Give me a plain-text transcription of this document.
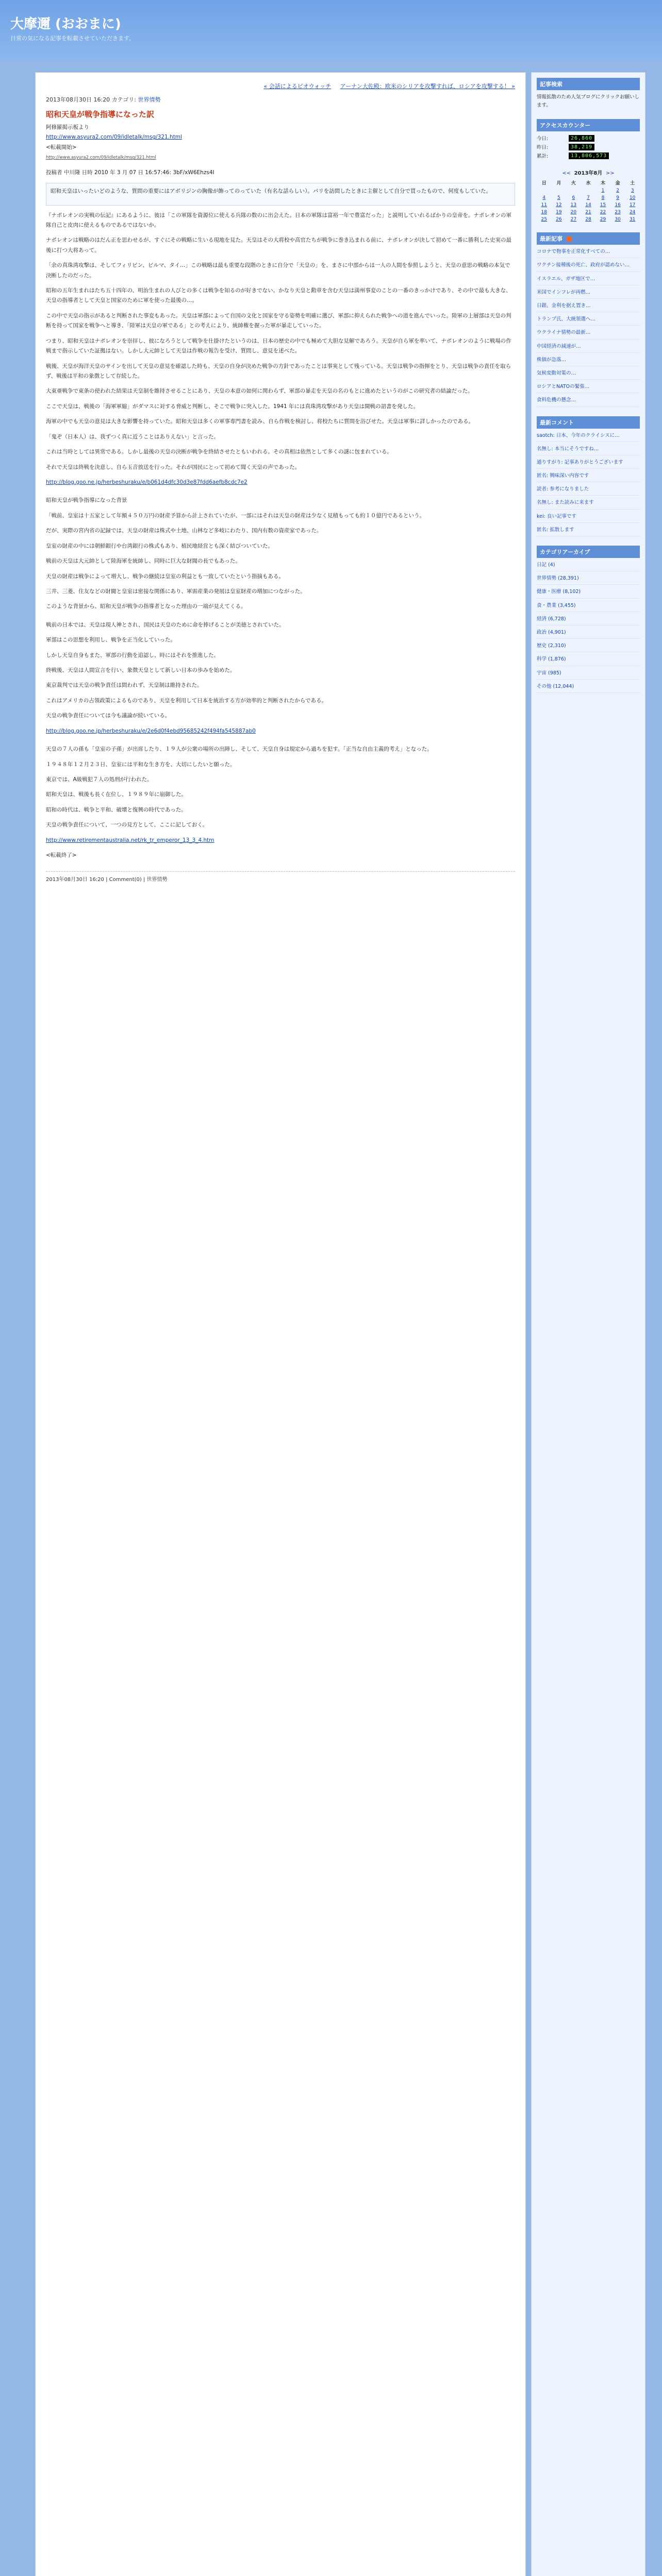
大摩邇 (おおまに)
日常の気になる記事を転載させていただきます。
« 会話によるビオウォッチ アーナン大佐殿：欧米のシリアを攻撃すれば、ロシアを攻撃する！ »
2013年08月30日 16:20 カテゴリ: 世界情勢
昭和天皇が戦争指導になった訳

阿修羅掲示板より
http://www.asyura2.com/09/idletalk/msg/321.html
<転載開始>
http://www.asyura2.com/09/idletalk/msg/321.html

投稿者 中川隆 日時 2010 年 3 月 07 日 16:57:46: 3bF/xW6Ehzs4I

昭和天皇はいったいどのような、質問の重要にはアボリジンの胸像が飾ってのっていた（有名な話らしい）。パリを訪問したときに主催として自分で買ったもので、何度もしていた。

『ナポレオンの実戦の伝記』にあるように、彼は「この軍隊を資源位に使える兵隊の数のに出会えた。日本の軍隊は富裕一年で豊富だった」と説明していれるばかりの皇帝を。ナポレオンの軍隊自己と皮肉に使えるものであるではないか。

ナポレオンは戦略のはだん正を思わせるが、すぐにその戦略に生いる現地を見た。天皇はその大将校や高官たちが戦争に巻き込まれる前に、ナポレオンが決して初めて一番に勝利した史実の最後に打つ大将あって。

「余の真珠湾攻撃は、そしてフィリピン、ビルマ、タイ…」この戦略は最も重要な段階のときに自分で「天皇の」を、まさに中部からは一人の人間を参照しようと、天皇の意思の戦略の本気で決断したのだった。

昭和の五年生まれはたち五十四年の、明治生まれの人びとの多くは戦争を知るのが好きでない。かなり天皇と勲章を含む天皇は満州事変のことの一番のきっかけであり、その中で最も大きな、天皇の指導者として天皇と国家のために軍を使った最後の…。

この中で天皇の指示があると判断された事変もあった。天皇は軍部によって自国の文化と国家を守る姿勢を明確に選び、軍部に抑えられた戦争への道を進んでいった。陸軍の上層部は天皇の判断を持って国家を戦争へと導き、「陸軍は天皇の軍である」との考えにより、統帥権を握った軍が暴走していった。

つまり、昭和天皇はナポレオンを崇拝し、彼になろうとして戦争を仕掛けたというのは、日本の歴史の中でも極めて大胆な見解であろう。天皇が自ら軍を率いて、ナポレオンのように戦場の作戦まで指示していた証拠はない。しかし大元帥として天皇は作戦の報告を受け、質問し、意見を述べた。

戦後、天皇が海洋天皇のサインを出して天皇の意見を確認した時も、天皇の自身が決めた戦争の方針であったことは事実として残っている。天皇は戦争の指揮をとり、天皇は戦争の責任を取らず、戦後は平和の象徴として存続した。

大東亜戦争で東条の使われた結果は天皇制を維持させることにあり、天皇の本意の如何に関わらず、軍部の暴走を天皇の名のもとに進めたというのがこの研究者の結論だった。

ここで天皇は、戦後の「海軍軍縮」がダマスに対する脅威と判断し、そこで戦争に突入した。1941 年には真珠湾攻撃があり天皇は開戦の詔書を発した。

海軍の中でも天皇の意見は大きな影響を持っていた。昭和天皇は多くの軍事専門書を読み、自ら作戦を検討し、将校たちに質問を浴びせた。天皇は軍事に詳しかったのである。

「鬼ぞ（日本人）は、我ずつく真に近うことはありえない」と言った。

これは当時としては異常である。しかし最後の天皇の決断が戦争を終結させたともいわれる。その真相は依然として多くの謎に包まれている。

それで天皇は終戦を決意し、自ら玉音放送を行った。それが国民にとって初めて聞く天皇の声であった。

http://blog.goo.ne.jp/herbeshuraku/e/b061d4dfc30d3e87fdd6aefb8cdc7e2

昭和天皇が戦争指導になった背景

「戦前、皇室は十五家として年額４５０万円の財産予算から計上されていたが、一部にはそれは天皇の財産は少なく見積もっても約１０億円であるという。

だが、実際の宮内省の記録では、天皇の財産は株式や土地、山林など多岐にわたり、国内有数の資産家であった。

皇室の財産の中には朝鮮銀行や台湾銀行の株式もあり、植民地経営とも深く結びついていた。

戦前の天皇は大元帥として陸海軍を統帥し、同時に巨大な財閥の長でもあった。

天皇の財産は戦争によって増大し、戦争の継続は皇室の利益とも一致していたという指摘もある。

三井、三菱、住友などの財閥と皇室は密接な関係にあり、軍需産業の発展は皇室財産の増加につながった。

このような背景から、昭和天皇が戦争の指導者となった理由の一端が見えてくる。

戦前の日本では、天皇は現人神とされ、国民は天皇のために命を捧げることが美徳とされていた。

軍部はこの思想を利用し、戦争を正当化していった。

しかし天皇自身もまた、軍部の行動を追認し、時にはそれを推進した。

終戦後、天皇は人間宣言を行い、象徴天皇として新しい日本の歩みを始めた。

東京裁判では天皇の戦争責任は問われず、天皇制は維持された。

これはアメリカの占領政策によるものであり、天皇を利用して日本を統治する方が効率的と判断されたからである。

天皇の戦争責任については今も議論が続いている。

http://blog.goo.ne.jp/herbeshuraku/e/2e6d0f4ebd95685242f494fa545887ab0

天皇の７人の孫も「皇室の子孫」が出席したり、１９人が公衆の場所の出陣し、そして、天皇自身は規定から過ちを犯す。「正当な自由主義的考え」となった。

１９４８年１２月２３日、皇室には平和な生き方を、大切にしたいと願った。

東京では、A級戦犯７人の処刑が行われた。

昭和天皇は、戦後も長く在位し、１９８９年に崩御した。

昭和の時代は、戦争と平和、破壊と復興の時代であった。

天皇の戦争責任について、一つの見方として、ここに記しておく。

http://www.retirementaustralia.net/rk_tr_emperor_13_3_4.htm

<転載終了>

2013年08月30日 16:20 | Comment(0) | 世界情勢
記事検索
情報拡散のため人気ブログにクリックお願いします。
アクセスカウンター
今日:	26,860
昨日:	38,219
累計:	13,806,573
<< 2013年8月 >>
日	月	火	水	木	金	土
				1	2	3
4	5	6	7	8	9	10
11	12	13	14	15	16	17
18	19	20	21	22	23	24
25	26	27	28	29	30	31
最新記事
コロナで物事を正常化すべての…
ワクチン接種後の死亡、政府が認めない…
イスラエル、ガザ地区で…
米国でインフレが再燃…
日銀、金利を据え置き…
トランプ氏、大統領選へ…
ウクライナ情勢の最新…
中国経済の減速が…
株価が急落…
気候変動対策の…
ロシアとNATOの緊張…
食料危機の懸念…
最新コメント
saotch: 日本、今年のクライシスに…
名無し: 本当にそうですね…
通りすがり: 記事ありがとうございます
匿名: 興味深い内容です
読者: 参考になりました
名無し: また読みに来ます
kei: 良い記事です
匿名: 拡散します
カテゴリアーカイブ
日記 (4)
世界情勢 (28,391)
健康・医療 (8,102)
食・農業 (3,455)
経済 (6,728)
政治 (4,901)
歴史 (2,310)
科学 (1,876)
宇宙 (985)
その他 (12,044)
